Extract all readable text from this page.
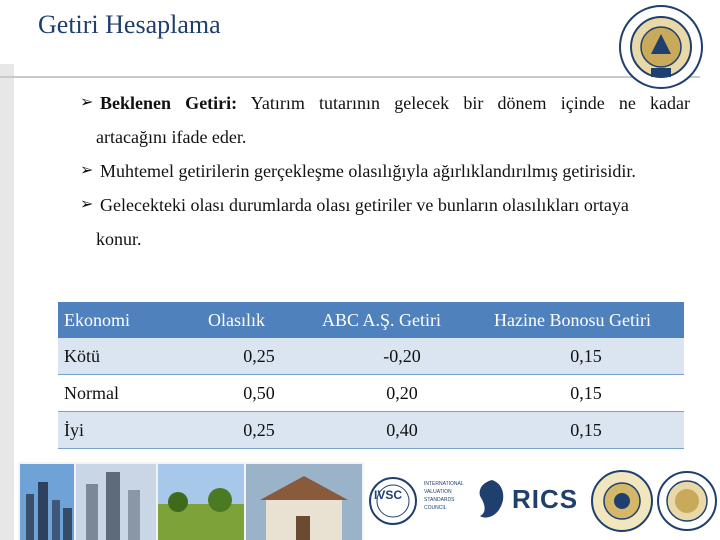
Getiri Hesaplama
➢ Beklenen Getiri: Yatırım tutarının gelecek bir dönem içinde ne kadar
artacağını ifade eder.
➢ Muhtemel getirilerin gerçekleşme olasılığıyla ağırlıklandırılmış getirisidir.
➢ Gelecekteki olası durumlarda olası getiriler ve bunların olasılıkları ortaya
konur.
Ekonomi	Olasılık	ABC A.Ş. Getiri	Hazine Bonosu Getiri
Kötü	0,25	-0,20	0,15
Normal	0,50	0,20	0,15
İyi	0,25	0,40	0,15
IVSC
INTERNATIONAL VALUATION STANDARDS COUNCIL	RICS
